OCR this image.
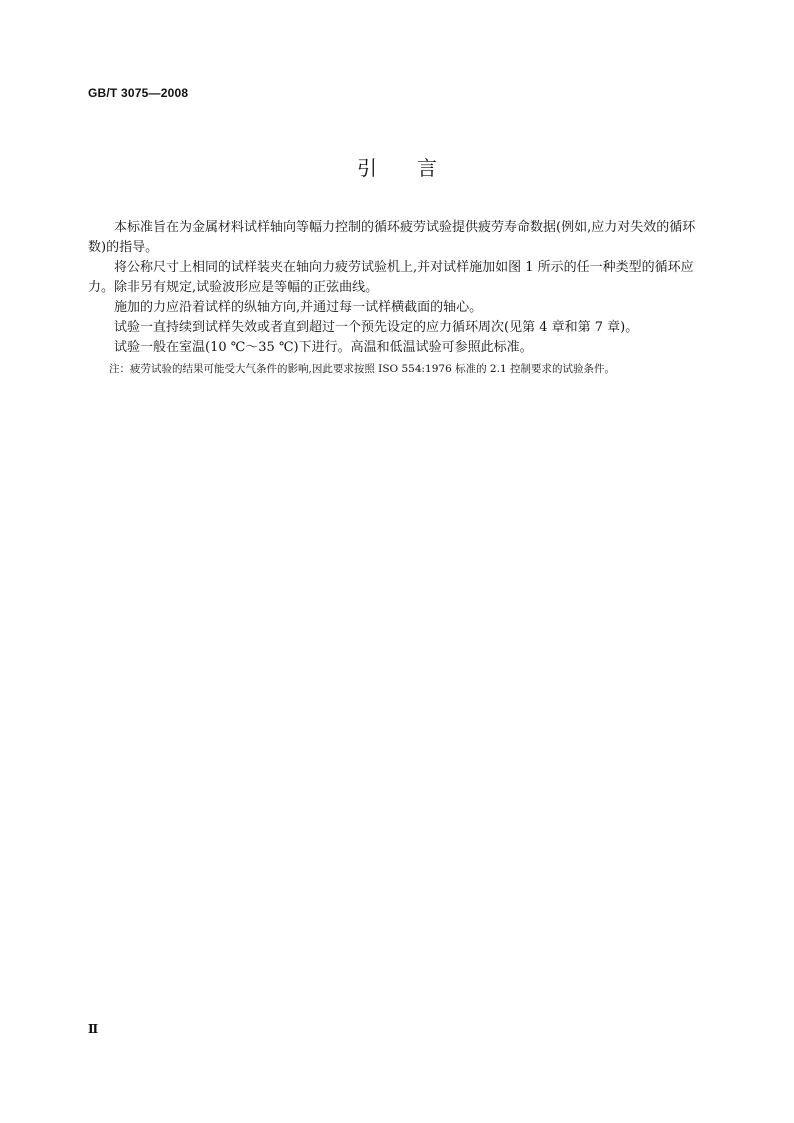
GB/T 3075—2008
引言

本标准旨在为金属材料试样轴向等幅力控制的循环疲劳试验提供疲劳寿命数据(例如,应力对失效的循环数)的指导。

将公称尺寸上相同的试样装夹在轴向力疲劳试验机上,并对试样施加如图 1 所示的任一种类型的循环应力。除非另有规定,试验波形应是等幅的正弦曲线。

施加的力应沿着试样的纵轴方向,并通过每一试样横截面的轴心。

试验一直持续到试样失效或者直到超过一个预先设定的应力循环周次(见第 4 章和第 7 章)。

试验一般在室温(10 ℃～35 ℃)下进行。高温和低温试验可参照此标准。

注：疲劳试验的结果可能受大气条件的影响,因此要求按照 ISO 554:1976 标准的 2.1 控制要求的试验条件。

Ⅱ
